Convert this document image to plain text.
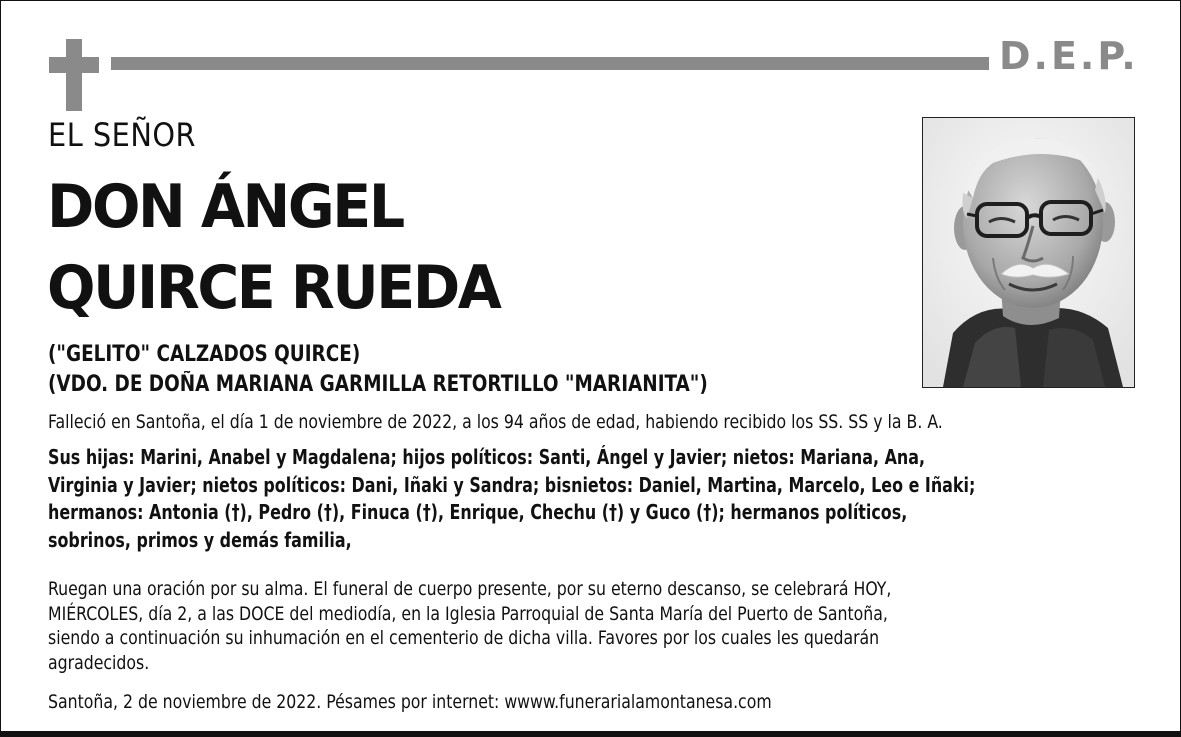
D.E.P.
EL SEÑOR
DON ÁNGEL
QUIRCE RUEDA
("GELITO" CALZADOS QUIRCE)
(VDO. DE DOÑA MARIANA GARMILLA RETORTILLO "MARIANITA")
Falleció en Santoña, el día 1 de noviembre de 2022, a los 94 años de edad, habiendo recibido los SS. SS y la B. A.
Sus hijas: Marini, Anabel y Magdalena; hijos políticos: Santi, Ángel y Javier; nietos: Mariana, Ana,
Virginia y Javier; nietos políticos: Dani, Iñaki y Sandra; bisnietos: Daniel, Martina, Marcelo, Leo e Iñaki;
hermanos: Antonia (†), Pedro (†), Finuca (†), Enrique, Chechu (†) y Guco (†); hermanos políticos,
sobrinos, primos y demás familia,
Ruegan una oración por su alma. El funeral de cuerpo presente, por su eterno descanso, se celebrará HOY,
MIÉRCOLES, día 2, a las DOCE del mediodía, en la Iglesia Parroquial de Santa María del Puerto de Santoña,
siendo a continuación su inhumación en el cementerio de dicha villa. Favores por los cuales les quedarán
agradecidos.
Santoña, 2 de noviembre de 2022. Pésames por internet: wwww.funerarialamontanesa.com
